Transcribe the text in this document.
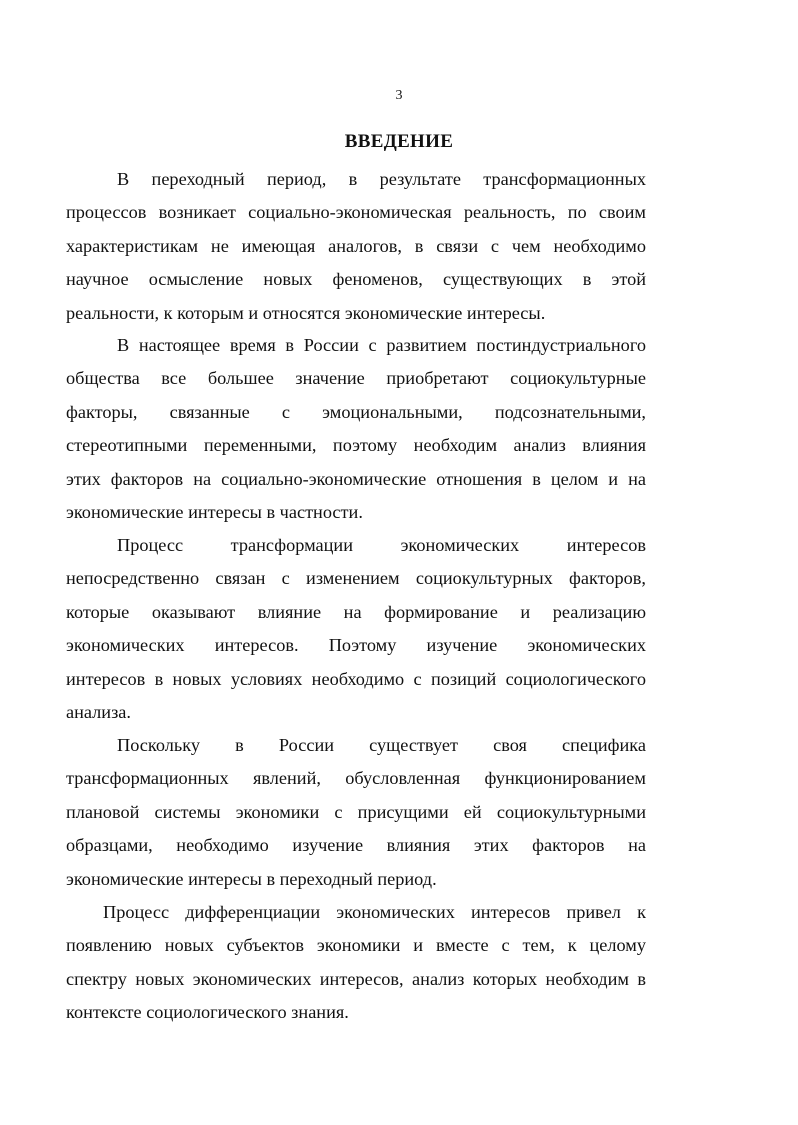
3
ВВЕДЕНИЕ
В переходный период, в результате трансформационных
процессов возникает социально-экономическая реальность, по своим
характеристикам не имеющая аналогов, в связи с чем необходимо
научное осмысление новых феноменов, существующих в этой
реальности, к которым и относятся экономические интересы.
В настоящее время в России с развитием постиндустриального
общества все большее значение приобретают социокультурные
факторы, связанные с эмоциональными, подсознательными,
стереотипными переменными, поэтому необходим анализ влияния
этих факторов на социально-экономические отношения в целом и на
экономические интересы в частности.
Процесс трансформации экономических интересов
непосредственно связан с изменением социокультурных факторов,
которые оказывают влияние на формирование и реализацию
экономических интересов. Поэтому изучение экономических
интересов в новых условиях необходимо с позиций социологического
анализа.
Поскольку в России существует своя специфика
трансформационных явлений, обусловленная функционированием
плановой системы экономики с присущими ей социокультурными
образцами, необходимо изучение влияния этих факторов на
экономические интересы в переходный период.
Процесс дифференциации экономических интересов привел к
появлению новых субъектов экономики и вместе с тем, к целому
спектру новых экономических интересов, анализ которых необходим в
контексте социологического знания.
